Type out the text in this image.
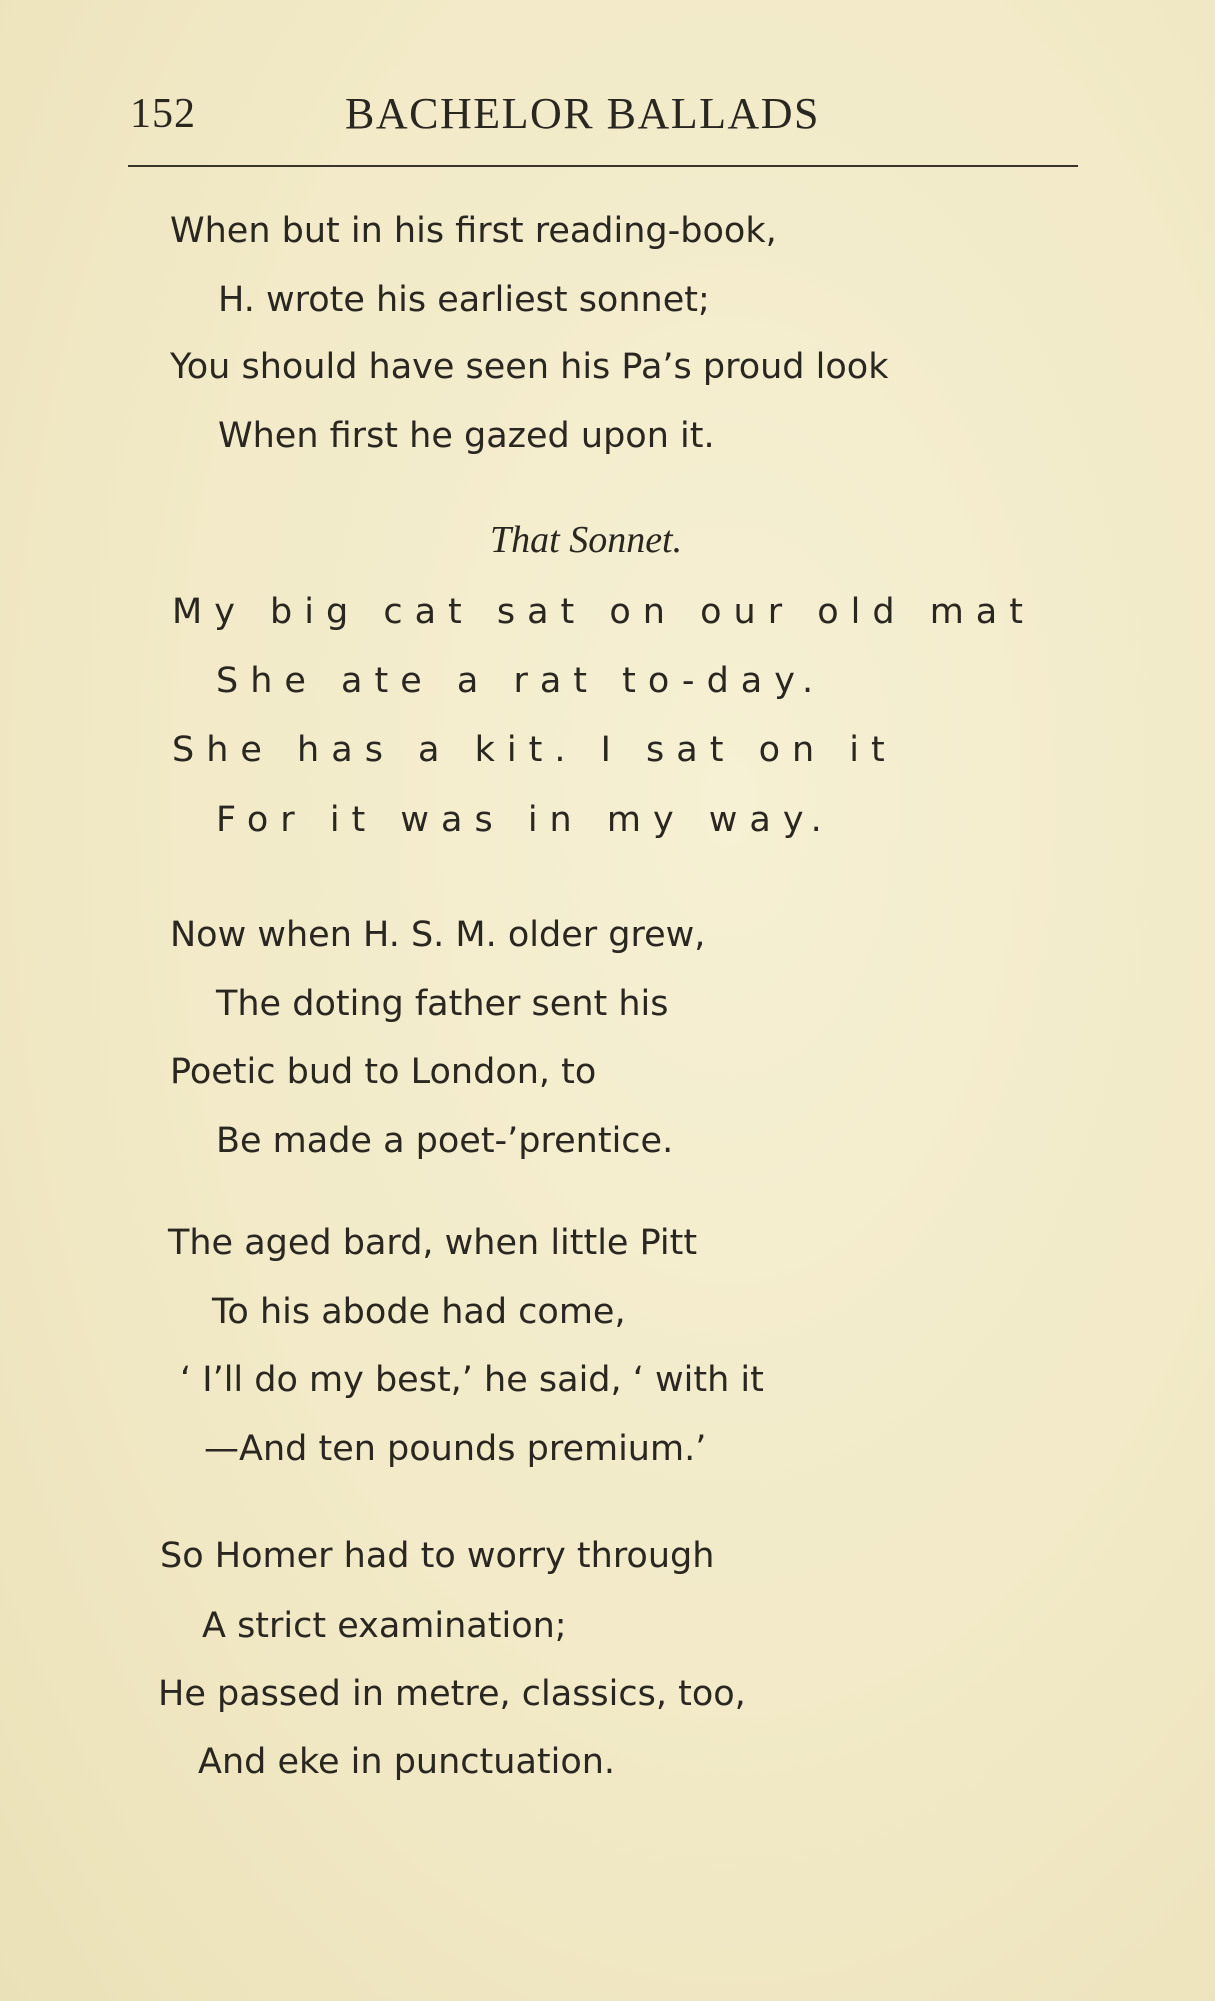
152	BACHELOR BALLADS
When but in his first reading-book,
H. wrote his earliest sonnet;
You should have seen his Pa’s proud look
When first he gazed upon it.
That Sonnet.
My big cat sat on our old mat
She ate a rat to-day.
She has a kit. I sat on it
For it was in my way.
Now when H. S. M. older grew,
The doting father sent his
Poetic bud to London, to
Be made a poet-’prentice.
The aged bard, when little Pitt
To his abode had come,
‘ I’ll do my best,’ he said, ‘ with it
—And ten pounds premium.’
So Homer had to worry through
A strict examination;
He passed in metre, classics, too,
And eke in punctuation.
